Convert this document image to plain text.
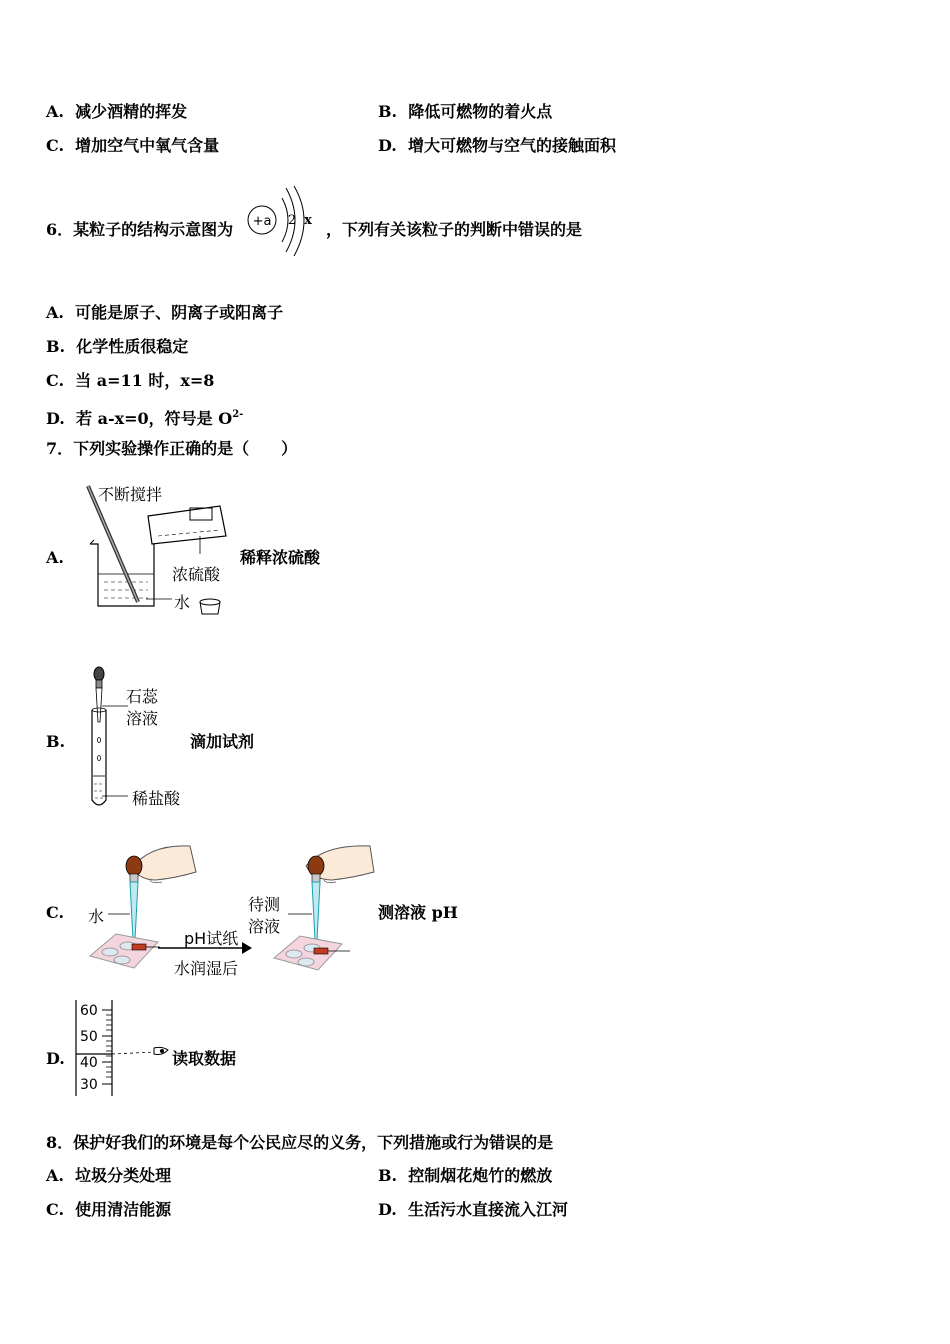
A. 减少酒精的挥发	B. 降低可燃物的着火点
C. 增加空气中氧气含量	D. 增大可燃物与空气的接触面积
6．某粒子的结构示意图为 +a 2 x ，下列有关该粒子的判断中错误的是
A. 可能是原子、阴离子或阳离子
B. 化学性质很稳定
C. 当 a=11 时，x=8
D. 若 a-x=0，符号是 $O^{2-}$
7．下列实验操作正确的是（　　）
A.
不断搅拌
浓硫酸
水
稀释浓硫酸
B.
石蕊
溶液
稀盐酸
滴加试剂
C. 水
pH试纸
水润湿后
待测
溶液
测溶液 pH
D.
60
50
40
30
读取数据
8．保护好我们的环境是每个公民应尽的义务，下列措施或行为错误的是
A. 垃圾分类处理	B. 控制烟花炮竹的燃放
C. 使用清洁能源	D. 生活污水直接流入江河
